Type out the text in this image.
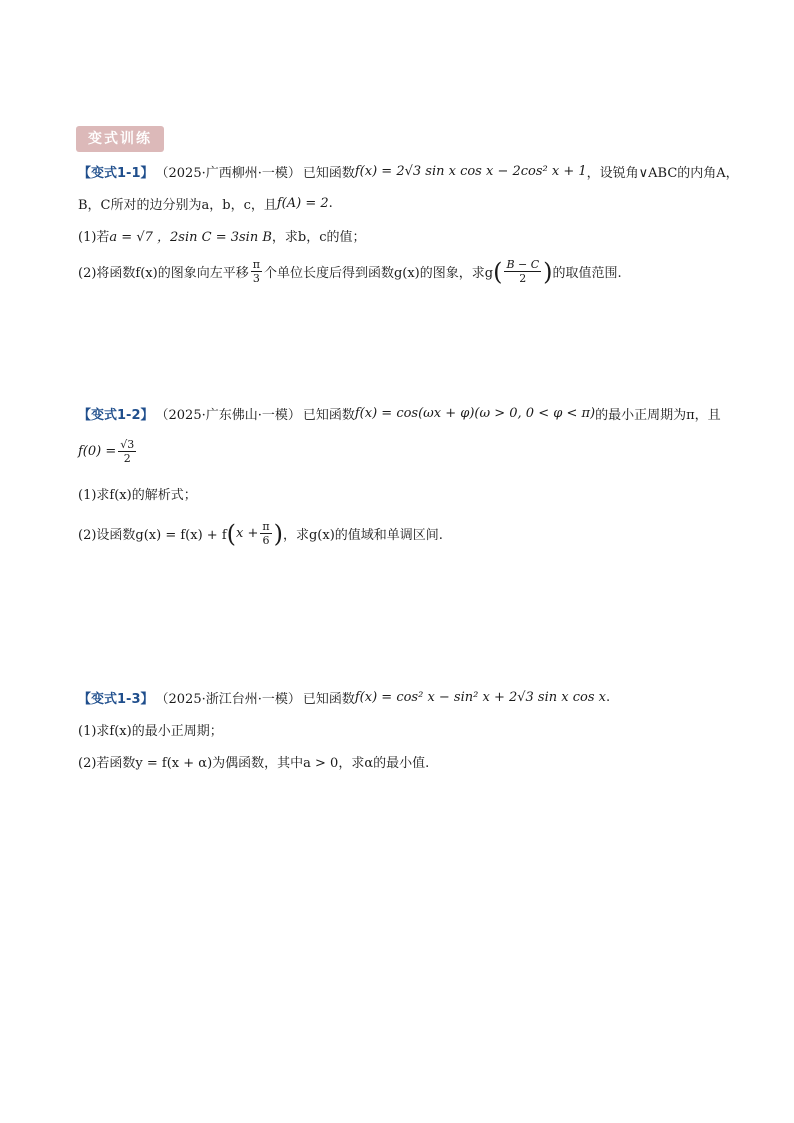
变式训练
【变式1-1】 （2025·广西柳州·一模） 已知函数 f(x) = 2√3 sin x cos x − 2cos² x + 1 ，设锐角∨ABC的内角A，
B，C所对的边分别为a，b，c，且 f(A) = 2 .
(1)若 a = √7 ，2sin C = 3sin B ，求b，c的值；
(2)将函数f(x)的图象向左平移 $\frac{\pi}{3}$ 个单位长度后得到函数g(x)的图象，求g ( $\frac{B - C}{2}$ ) 的取值范围.
【变式1-2】 （2025·广东佛山·一模） 已知函数 f(x) = cos(ωx + φ)(ω > 0, 0 < φ < π) 的最小正周期为π，且
$f(0) = \frac{√3}{2}$
(1)求f(x)的解析式；
(2)设函数g(x) = f(x) + f ( $x + \frac{\pi}{6}$ ) ，求g(x)的值域和单调区间.
【变式1-3】 （2025·浙江台州·一模） 已知函数 f(x) = cos² x − sin² x + 2√3 sin x cos x .
(1)求f(x)的最小正周期；
(2)若函数y = f(x + α)为偶函数，其中a > 0，求α的最小值.
